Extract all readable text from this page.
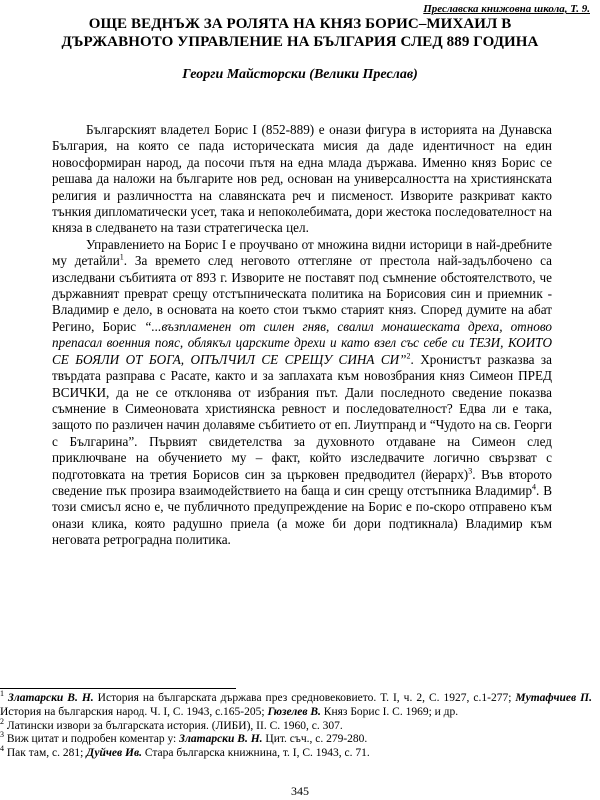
Преславска книжовна школа, Т. 9.
ОЩЕ ВЕДНЪЖ ЗА РОЛЯТА НА КНЯЗ БОРИС–МИХАИЛ В
ДЪРЖАВНОТО УПРАВЛЕНИЕ НА БЪЛГАРИЯ СЛЕД 889 ГОДИНА
Георги Майсторски (Велики Преслав)

Българският владетел Борис I (852-889) е онази фигура в историята на Дунавска България, на която се пада историческата мисия да даде идентичност на един новосформиран народ, да посочи пътя на една млада държава. Именно княз Борис се решава да наложи на българите нов ред, основан на универсалността на християнската религия и различността на славянската реч и писменост. Изворите разкриват както тънкия дипломатически усет, така и непоколебимата, дори жестока последователност на княза в следването на тази стратегическа цел.

Управлението на Борис I е проучвано от множина видни историци в най-дребните му детайли$^1$. За времето след неговото оттегляне от престола най-задълбочено са изследвани събитията от 893 г. Изворите не поставят под съмнение обстоятелството, че държавният преврат срещу отстъпническата политика на Борисовия син и приемник - Владимир е дело, в основата на което стои тъкмо старият княз. Според думите на абат Регино, Борис “...възпламенен от силен гняв, свалил монашеската дреха, отново препасал военния пояс, облякъл царските дрехи и като взел със себе си ТЕЗИ, КОИТО СЕ БОЯЛИ ОТ БОГА, ОПЪЛЧИЛ СЕ СРЕЩУ СИНА СИ”$^2$. Хронистът разказва за твърдата разправа с Расате, както и за заплахата към новозбрания княз Симеон ПРЕД ВСИЧКИ, да не се отклонява от избрания път. Дали последното сведение показва съмнение в Симеоновата християнска ревност и последователност? Едва ли е така, защото по различен начин долавяме събитието от еп. Лиутпранд и “Чудото на св. Георги с Българина”. Първият свидетелства за духовното отдаване на Симеон след приключване на обучението му – факт, който изследвачите логично свързват с подготовката на третия Борисов син за църковен предводител (йерарх)$^3$. Във второто сведение пък прозира взаимодействието на баща и син срещу отстъпника Владимир$^4$. В този смисъл ясно е, че публичното предупреждение на Борис е по-скоро отправено към онази клика, която радушно приела (а може би дори подтикнала) Владимир към неговата ретроградна политика.

$^1$ Златарски В. Н. История на българската държава през средновековието. Т. I, ч. 2, С. 1927, с.1-277; Мутафчиев П. История на българския народ. Ч. I, С. 1943, с.165-205; Гюзелев В. Княз Борис I. С. 1969; и др.

$^2$ Латински извори за българската история. (ЛИБИ), II. С. 1960, с. 307.

$^3$ Виж цитат и подробен коментар у: Златарски В. Н. Цит. съч., с. 279-280.

$^4$ Пак там, с. 281; Дуйчев Ив. Стара българска книжнина, т. I, С. 1943, с. 71.

345
